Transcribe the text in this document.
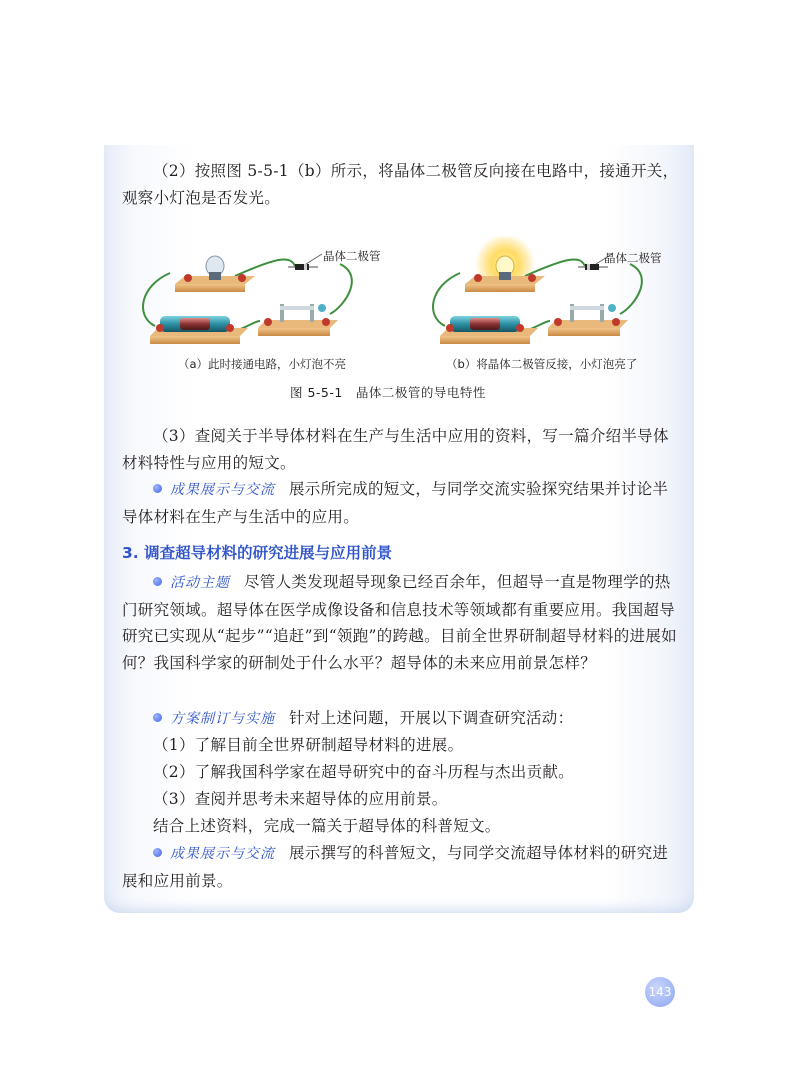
（2）按照图 5-5-1（b）所示，将晶体二极管反向接在电路中，接通开关，观察小灯泡是否发光。

晶体二极管	晶体二极管
（a）此时接通电路，小灯泡不亮	（b）将晶体二极管反接，小灯泡亮了
图 5-5-1　晶体二极管的导电特性

（3）查阅关于半导体材料在生产与生活中应用的资料，写一篇介绍半导体材料特性与应用的短文。

成果展示与交流 展示所完成的短文，与同学交流实验探究结果并讨论半导体材料在生产与生活中的应用。

3. 调查超导材料的研究进展与应用前景

活动主题 尽管人类发现超导现象已经百余年，但超导一直是物理学的热门研究领域。超导体在医学成像设备和信息技术等领域都有重要应用。我国超导研究已实现从“起步”“追赶”到“领跑”的跨越。目前全世界研制超导材料的进展如何？我国科学家的研制处于什么水平？超导体的未来应用前景怎样？

方案制订与实施 针对上述问题，开展以下调查研究活动：

（1）了解目前全世界研制超导材料的进展。

（2）了解我国科学家在超导研究中的奋斗历程与杰出贡献。

（3）查阅并思考未来超导体的应用前景。

结合上述资料，完成一篇关于超导体的科普短文。

成果展示与交流 展示撰写的科普短文，与同学交流超导体材料的研究进展和应用前景。

143
